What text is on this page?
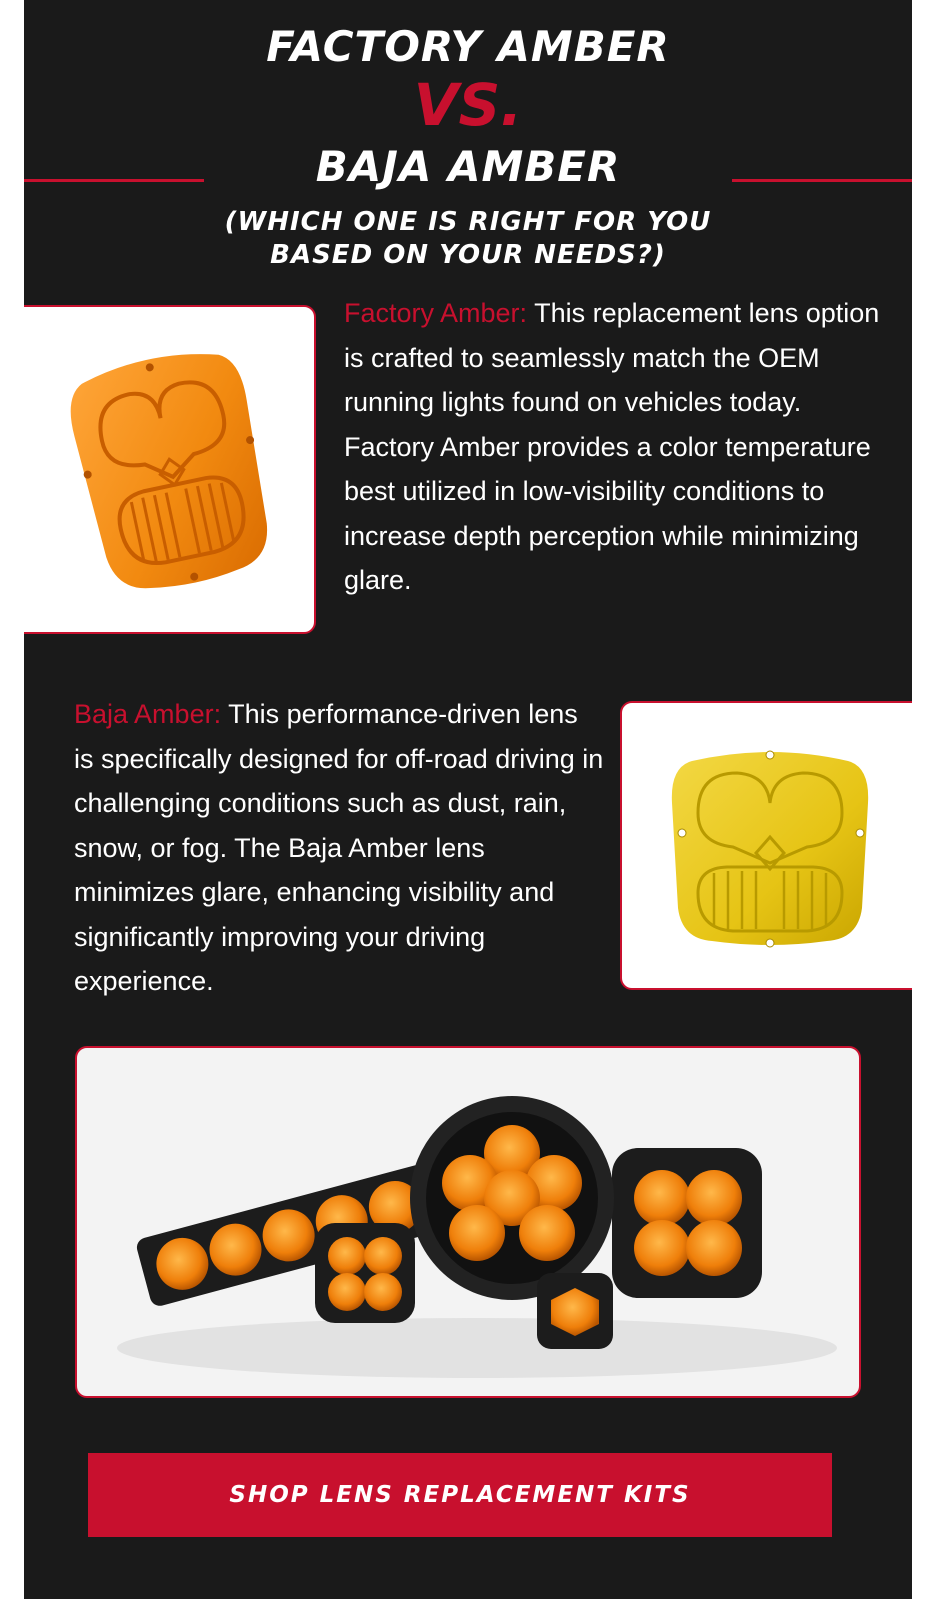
FACTORY AMBER
VS.
BAJA AMBER
(WHICH ONE IS RIGHT FOR YOU
BASED ON YOUR NEEDS?)
Factory Amber: This replacement lens option is crafted to seamlessly match the OEM running lights found on vehicles today. Factory Amber provides a color temperature best utilized in low-visibility conditions to increase depth perception while minimizing glare.
Baja Amber: This performance-driven lens is specifically designed for off-road driving in challenging conditions such as dust, rain, snow, or fog. The Baja Amber lens minimizes glare, enhancing visibility and significantly improving your driving experience.
SHOP LENS REPLACEMENT KITS
